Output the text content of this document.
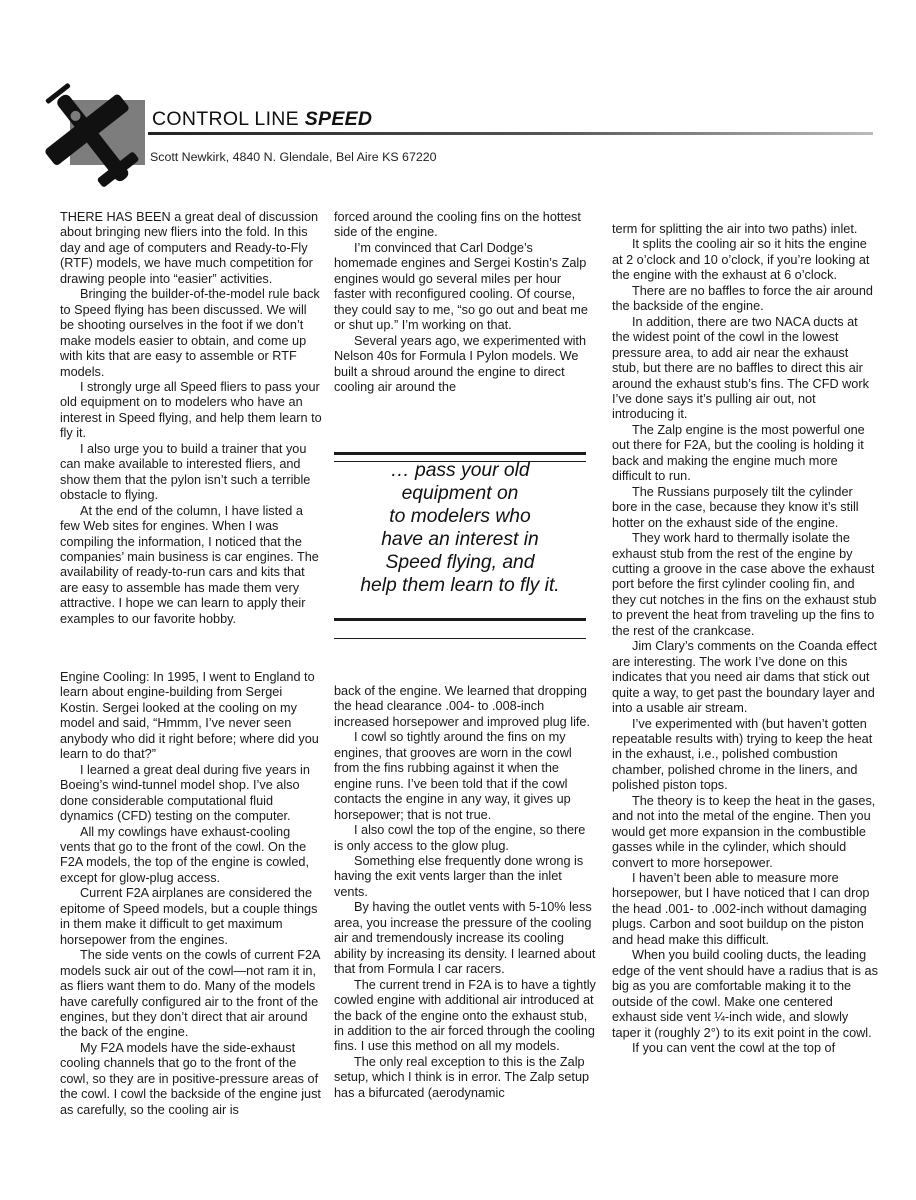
CONTROL LINE SPEED
Scott Newkirk, 4840 N. Glendale, Bel Aire KS 67220

THERE HAS BEEN a great deal of discussion about bringing new fliers into the fold. In this day and age of computers and Ready-to-Fly (RTF) models, we have much competition for drawing people into “easier” activities.

Bringing the builder-of-the-model rule back to Speed flying has been discussed. We will be shooting ourselves in the foot if we don’t make models easier to obtain, and come up with kits that are easy to assemble or RTF models.

I strongly urge all Speed fliers to pass your old equipment on to modelers who have an interest in Speed flying, and help them learn to fly it.

I also urge you to build a trainer that you can make available to interested fliers, and show them that the pylon isn’t such a terrible obstacle to flying.

At the end of the column, I have listed a few Web sites for engines. When I was compiling the information, I noticed that the companies’ main business is car engines. The availability of ready-to-run cars and kits that are easy to assemble has made them very attractive. I hope we can learn to apply their examples to our favorite hobby.

Engine Cooling: In 1995, I went to England to learn about engine-building from Sergei Kostin. Sergei looked at the cooling on my model and said, “Hmmm, I’ve never seen anybody who did it right before; where did you learn to do that?”

I learned a great deal during five years in Boeing’s wind-tunnel model shop. I’ve also done considerable computational fluid dynamics (CFD) testing on the computer.

All my cowlings have exhaust-cooling vents that go to the front of the cowl. On the F2A models, the top of the engine is cowled, except for glow-plug access.

Current F2A airplanes are considered the epitome of Speed models, but a couple things in them make it difficult to get maximum horsepower from the engines.

The side vents on the cowls of current F2A models suck air out of the cowl—not ram it in, as fliers want them to do. Many of the models have carefully configured air to the front of the engines, but they don’t direct that air around the back of the engine.

My F2A models have the side-exhaust cooling channels that go to the front of the cowl, so they are in positive-pressure areas of the cowl. I cowl the backside of the engine just as carefully, so the cooling air is

forced around the cooling fins on the hottest side of the engine.

I’m convinced that Carl Dodge’s homemade engines and Sergei Kostin’s Zalp engines would go several miles per hour faster with reconfigured cooling. Of course, they could say to me, “so go out and beat me or shut up.” I’m working on that.

Several years ago, we experimented with Nelson 40s for Formula I Pylon models. We built a shroud around the engine to direct cooling air around the

back of the engine. We learned that dropping the head clearance .004- to .008-inch increased horsepower and improved plug life.

I cowl so tightly around the fins on my engines, that grooves are worn in the cowl from the fins rubbing against it when the engine runs. I’ve been told that if the cowl contacts the engine in any way, it gives up horsepower; that is not true.

I also cowl the top of the engine, so there is only access to the glow plug.

Something else frequently done wrong is having the exit vents larger than the inlet vents.

By having the outlet vents with 5-10% less area, you increase the pressure of the cooling air and tremendously increase its cooling ability by increasing its density. I learned about that from Formula I car racers.

The current trend in F2A is to have a tightly cowled engine with additional air introduced at the back of the engine onto the exhaust stub, in addition to the air forced through the cooling fins. I use this method on all my models.

The only real exception to this is the Zalp setup, which I think is in error. The Zalp setup has a bifurcated (aerodynamic

term for splitting the air into two paths) inlet.

It splits the cooling air so it hits the engine at 2 o’clock and 10 o’clock, if you’re looking at the engine with the exhaust at 6 o’clock.

There are no baffles to force the air around the backside of the engine.

In addition, there are two NACA ducts at the widest point of the cowl in the lowest pressure area, to add air near the exhaust stub, but there are no baffles to direct this air around the exhaust stub’s fins. The CFD work I’ve done says it’s pulling air out, not introducing it.

The Zalp engine is the most powerful one out there for F2A, but the cooling is holding it back and making the engine much more difficult to run.

The Russians purposely tilt the cylinder bore in the case, because they know it’s still hotter on the exhaust side of the engine.

They work hard to thermally isolate the exhaust stub from the rest of the engine by cutting a groove in the case above the exhaust port before the first cylinder cooling fin, and they cut notches in the fins on the exhaust stub to prevent the heat from traveling up the fins to the rest of the crankcase.

Jim Clary’s comments on the Coanda effect are interesting. The work I’ve done on this indicates that you need air dams that stick out quite a way, to get past the boundary layer and into a usable air stream.

I’ve experimented with (but haven’t gotten repeatable results with) trying to keep the heat in the exhaust, i.e., polished combustion chamber, polished chrome in the liners, and polished piston tops.

The theory is to keep the heat in the gases, and not into the metal of the engine. Then you would get more expansion in the combustible gasses while in the cylinder, which should convert to more horsepower.

I haven’t been able to measure more horsepower, but I have noticed that I can drop the head .001- to .002-inch without damaging plugs. Carbon and soot buildup on the piston and head make this difficult.

When you build cooling ducts, the leading edge of the vent should have a radius that is as big as you are comfortable making it to the outside of the cowl. Make one centered exhaust side vent ¼-inch wide, and slowly taper it (roughly 2°) to its exit point in the cowl.

If you can vent the cowl at the top of

… pass your old
equipment on
to modelers who
have an interest in
Speed flying, and
help them learn to fly it.
